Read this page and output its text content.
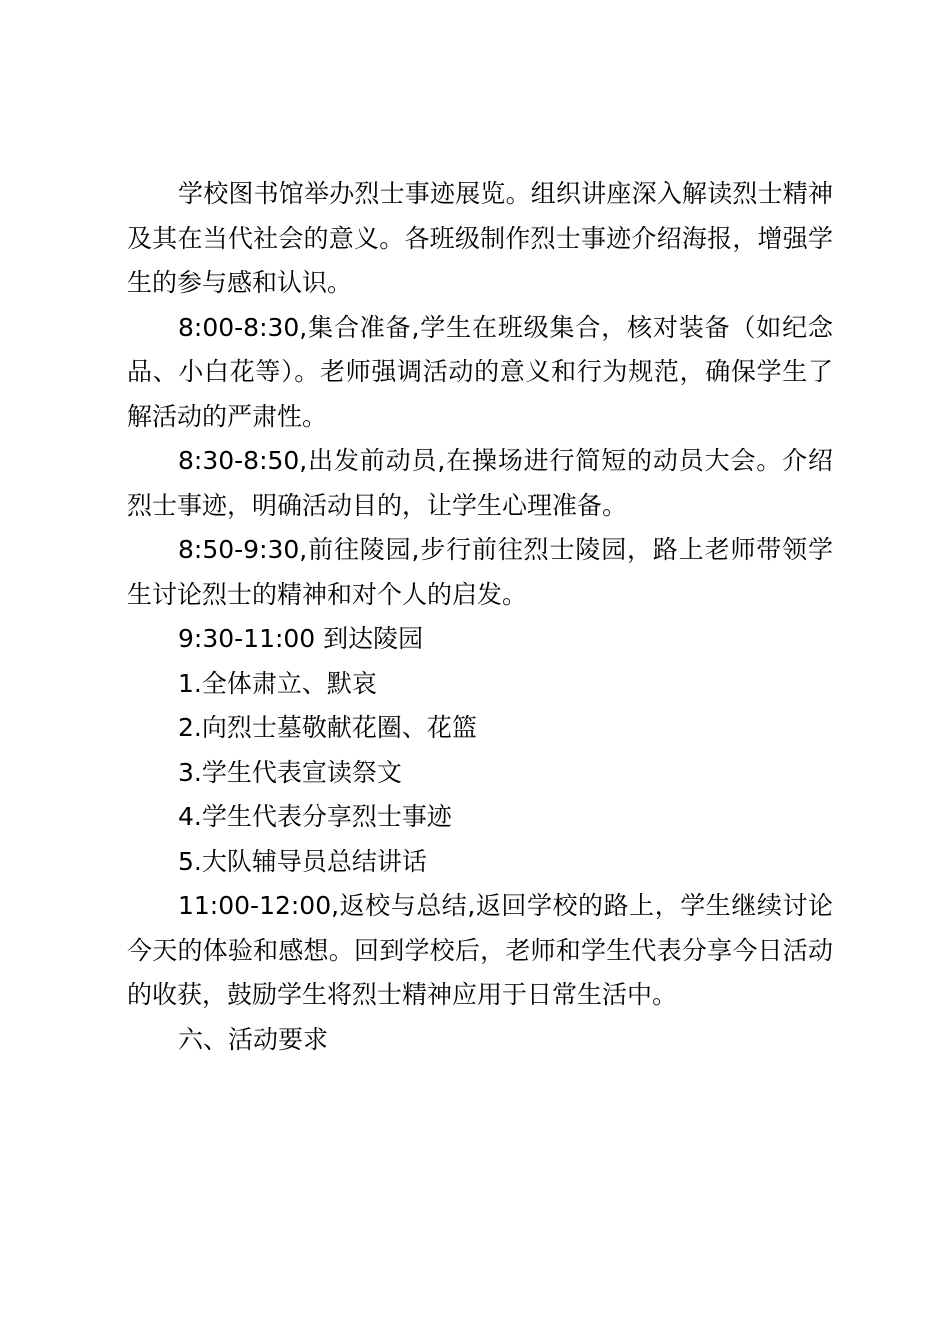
学校图书馆举办烈士事迹展览。组织讲座深入解读烈士精神及其在当代社会的意义。各班级制作烈士事迹介绍海报，增强学生的参与感和认识。

8:00-8:30,集合准备,学生在班级集合，核对装备（如纪念品、小白花等）。老师强调活动的意义和行为规范，确保学生了解活动的严肃性。

8:30-8:50,出发前动员,在操场进行简短的动员大会。介绍烈士事迹，明确活动目的，让学生心理准备。

8:50-9:30,前往陵园,步行前往烈士陵园，路上老师带领学生讨论烈士的精神和对个人的启发。

9:30-11:00 到达陵园

1.全体肃立、默哀

2.向烈士墓敬献花圈、花篮

3.学生代表宣读祭文

4.学生代表分享烈士事迹

5.大队辅导员总结讲话

11:00-12:00,返校与总结,返回学校的路上，学生继续讨论今天的体验和感想。回到学校后，老师和学生代表分享今日活动的收获，鼓励学生将烈士精神应用于日常生活中。

六、活动要求
